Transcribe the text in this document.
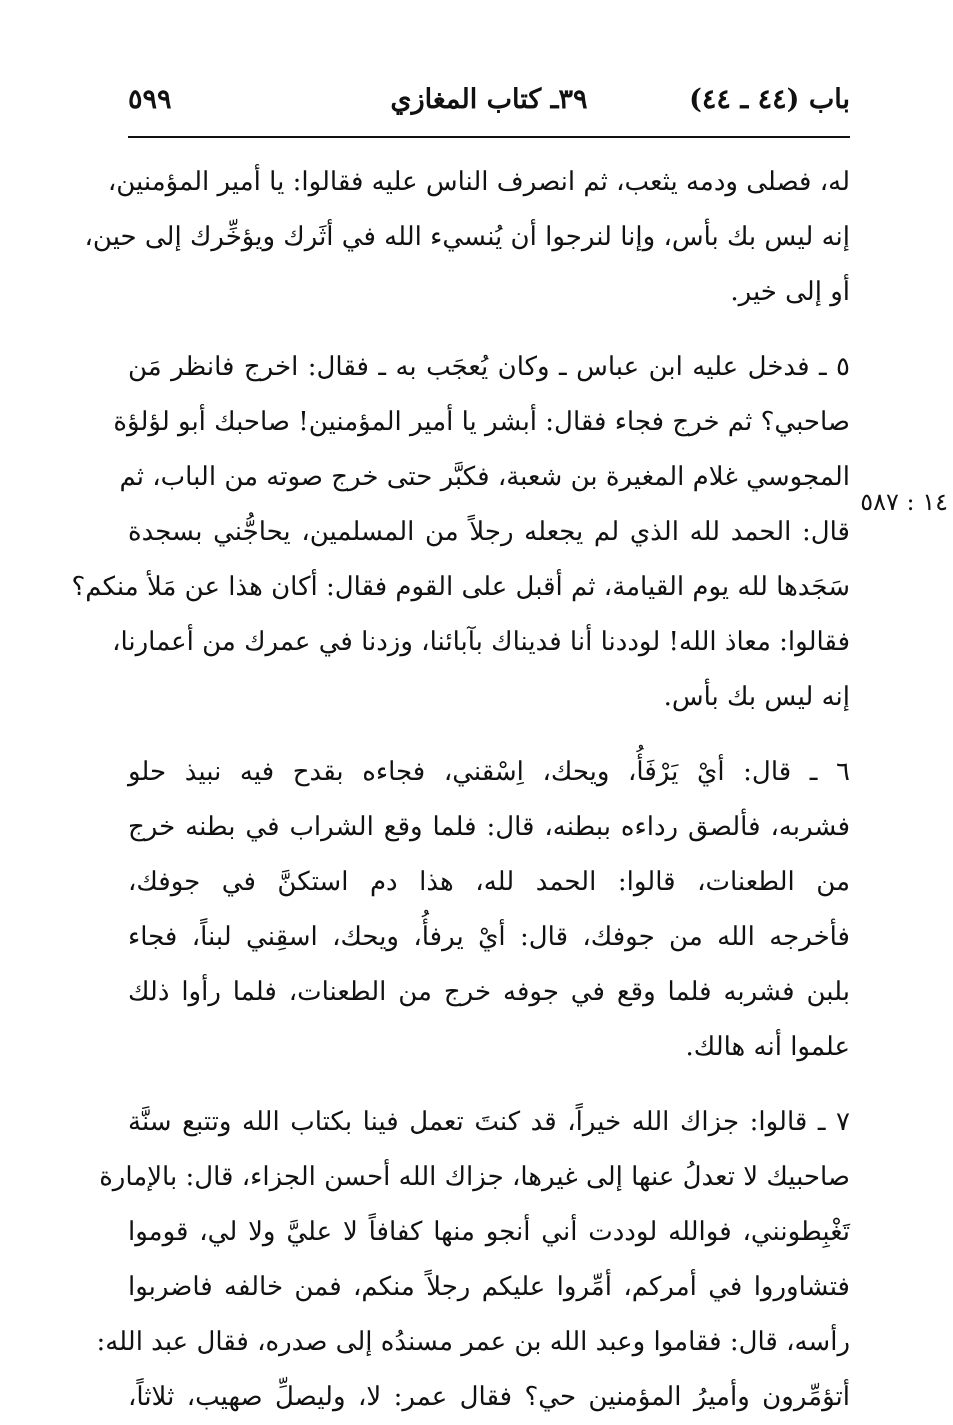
باب (٤٤ ـ ٤٤)
٣٩ـ كتاب المغازي
٥٩٩
١٤ : ٥٨٧

له، فصلى ودمه يثعب، ثم انصرف الناس عليه فقالوا: يا أمير المؤمنين،
إنه ليس بك بأس، وإنا لنرجوا أن يُنسيء الله في أثَرك ويؤخِّرك إلى حين،
أو إلى خير.

٥ ـ فدخل عليه ابن عباس ـ وكان يُعجَب به ـ فقال: اخرج فانظر مَن
صاحبي؟ ثم خرج فجاء فقال: أبشر يا أمير المؤمنين! صاحبك أبو لؤلؤة
المجوسي غلام المغيرة بن شعبة، فكبَّر حتى خرج صوته من الباب، ثم
قال: الحمد لله الذي لم يجعله رجلاً من المسلمين، يحاجُّني بسجدة
سَجَدها لله يوم القيامة، ثم أقبل على القوم فقال: أكان هذا عن مَلأ منكم؟
فقالوا: معاذ الله! لوددنا أنا فديناك بآبائنا، وزدنا في عمرك من أعمارنا،
إنه ليس بك بأس.

٦ ـ قال: أيْ يَرْفَأُ، ويحك، اِسْقني، فجاءه بقدح فيه نبيذ حلو
فشربه، فألصق رداءه ببطنه، قال: فلما وقع الشراب في بطنه خرج
من الطعنات، قالوا: الحمد لله، هذا دم استكنَّ في جوفك،
فأخرجه الله من جوفك، قال: أيْ يرفأُ، ويحك، اسقِني لبناً، فجاء
بلبن فشربه فلما وقع في جوفه خرج من الطعنات، فلما رأوا ذلك
علموا أنه هالك.

٧ ـ قالوا: جزاك الله خيراً، قد كنتَ تعمل فينا بكتاب الله وتتبع سنَّة
صاحبيك لا تعدلُ عنها إلى غيرها، جزاك الله أحسن الجزاء، قال: بالإمارة
تَغْبِطونني، فوالله لوددت أني أنجو منها كفافاً لا عليَّ ولا لي، قوموا
فتشاوروا في أمركم، أمِّروا عليكم رجلاً منكم، فمن خالفه فاضربوا
رأسه، قال: فقاموا وعبد الله بن عمر مسندُه إلى صدره، فقال عبد الله:
أتؤمِّرون وأميرُ المؤمنين حي؟ فقال عمر: لا، وليصلِّ صهيب، ثلاثاً،
